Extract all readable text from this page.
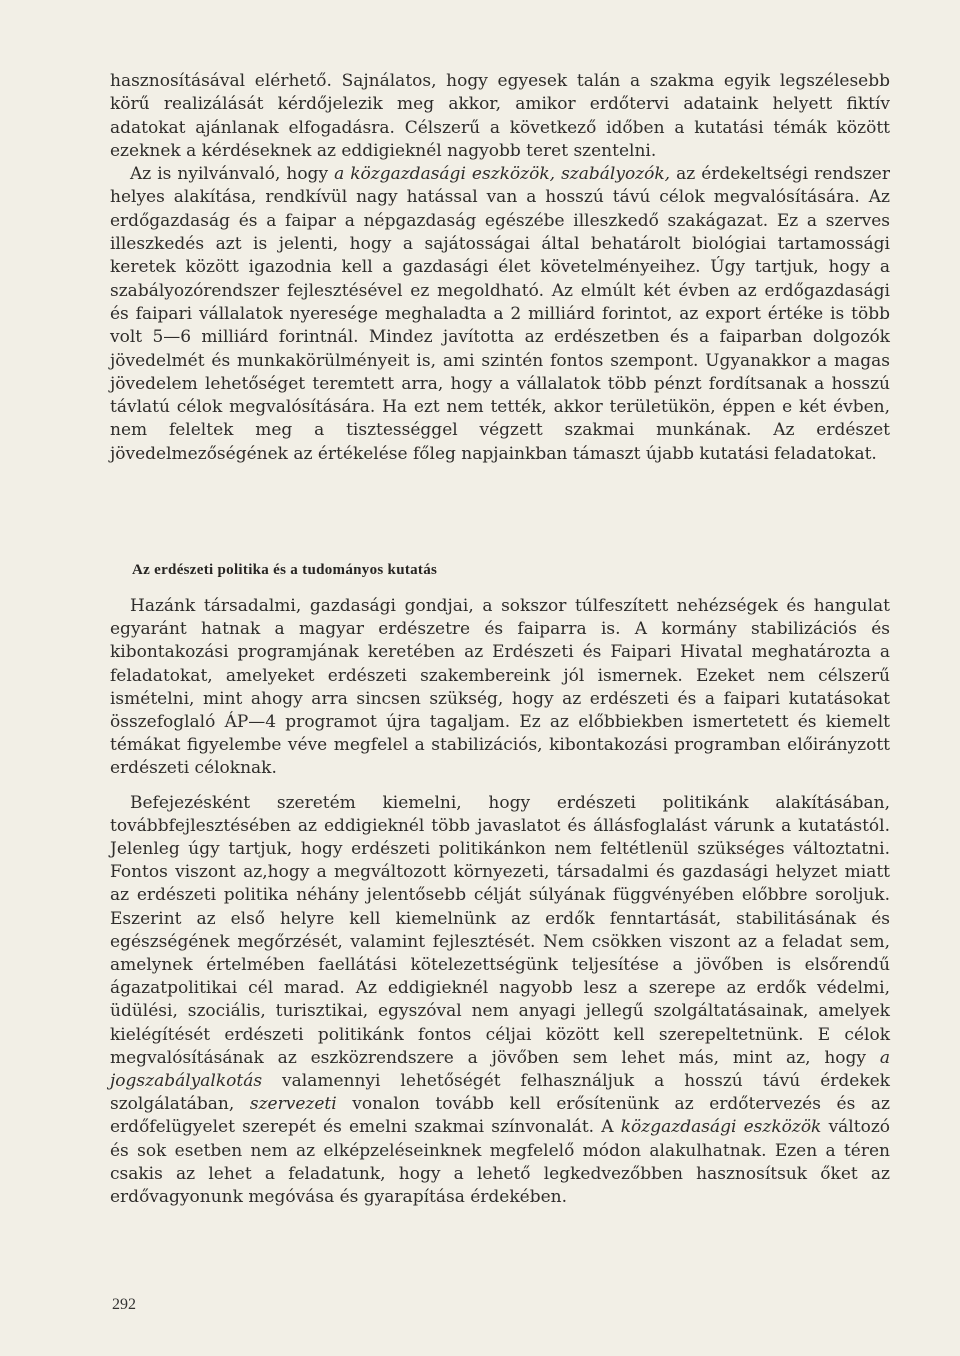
hasznosításával elérhető. Sajnálatos, hogy egyesek talán a szakma egyik legszélesebb körű realizálását kérdőjelezik meg akkor, amikor erdőtervi adataink helyett fiktív adatokat ajánlanak elfogadásra. Célszerű a következő időben a kutatási témák között ezeknek a kérdéseknek az eddigieknél nagyobb teret szentelni.

Az is nyilvánvaló, hogy a közgazdasági eszközök, szabályozók, az érdekeltségi rendszer helyes alakítása, rendkívül nagy hatással van a hosszú távú célok megvalósítására. Az erdőgazdaság és a faipar a népgazdaság egészébe illeszkedő szakágazat. Ez a szerves illeszkedés azt is jelenti, hogy a sajátosságai által behatárolt biológiai tartamossági keretek között igazodnia kell a gazdasági élet követelményeihez. Úgy tartjuk, hogy a szabályozórendszer fejlesztésével ez megoldható. Az elmúlt két évben az erdőgazdasági és faipari vállalatok nyeresége meghaladta a 2 milliárd forintot, az export értéke is több volt 5—6 milliárd forintnál. Mindez javította az erdészetben és a faiparban dolgozók jövedelmét és munkakörülményeit is, ami szintén fontos szempont. Ugyanakkor a magas jövedelem lehetőséget teremtett arra, hogy a vállalatok több pénzt fordítsanak a hosszú távlatú célok megvalósítására. Ha ezt nem tették, akkor területükön, éppen e két évben, nem feleltek meg a tisztességgel végzett szakmai munkának. Az erdészet jövedelmezőségének az értékelése főleg napjainkban támaszt újabb kutatási feladatokat.

Az erdészeti politika és a tudományos kutatás

Hazánk társadalmi, gazdasági gondjai, a sokszor túlfeszített nehézségek és hangulat egyaránt hatnak a magyar erdészetre és faiparra is. A kormány stabilizációs és kibontakozási programjának keretében az Erdészeti és Faipari Hivatal meghatározta a feladatokat, amelyeket erdészeti szakembereink jól ismernek. Ezeket nem célszerű ismételni, mint ahogy arra sincsen szükség, hogy az erdészeti és a faipari kutatásokat összefoglaló ÁP—4 programot újra tagaljam. Ez az előbbiekben ismertetett és kiemelt témákat figyelembe véve megfelel a stabilizációs, kibontakozási programban előirányzott erdészeti céloknak.

Befejezésként szeretém kiemelni, hogy erdészeti politikánk alakításában, továbbfejlesztésében az eddigieknél több javaslatot és állásfoglalást várunk a kutatástól. Jelenleg úgy tartjuk, hogy erdészeti politikánkon nem feltétlenül szükséges változtatni. Fontos viszont az,hogy a megváltozott környezeti, társadalmi és gazdasági helyzet miatt az erdészeti politika néhány jelentősebb célját súlyának függvényében előbbre soroljuk. Eszerint az első helyre kell kiemelnünk az erdők fenntartását, stabilitásának és egészségének megőrzését, valamint fejlesztését. Nem csökken viszont az a feladat sem, amelynek értelmében faellátási kötelezettségünk teljesítése a jövőben is elsőrendű ágazatpolitikai cél marad. Az eddigieknél nagyobb lesz a szerepe az erdők védelmi, üdülési, szociális, turisztikai, egyszóval nem anyagi jellegű szolgáltatásainak, amelyek kielégítését erdészeti politikánk fontos céljai között kell szerepeltetnünk. E célok megvalósításának az eszközrendszere a jövőben sem lehet más, mint az, hogy a jogszabályalkotás valamennyi lehetőségét felhasználjuk a hosszú távú érdekek szolgálatában, szervezeti vonalon tovább kell erősítenünk az erdőtervezés és az erdőfelügyelet szerepét és emelni szakmai színvonalát. A közgazdasági eszközök változó és sok esetben nem az elképzeléseinknek megfelelő módon alakulhatnak. Ezen a téren csakis az lehet a feladatunk, hogy a lehető legkedvezőbben hasznosítsuk őket az erdővagyonunk megóvása és gyarapítása érdekében.

292
